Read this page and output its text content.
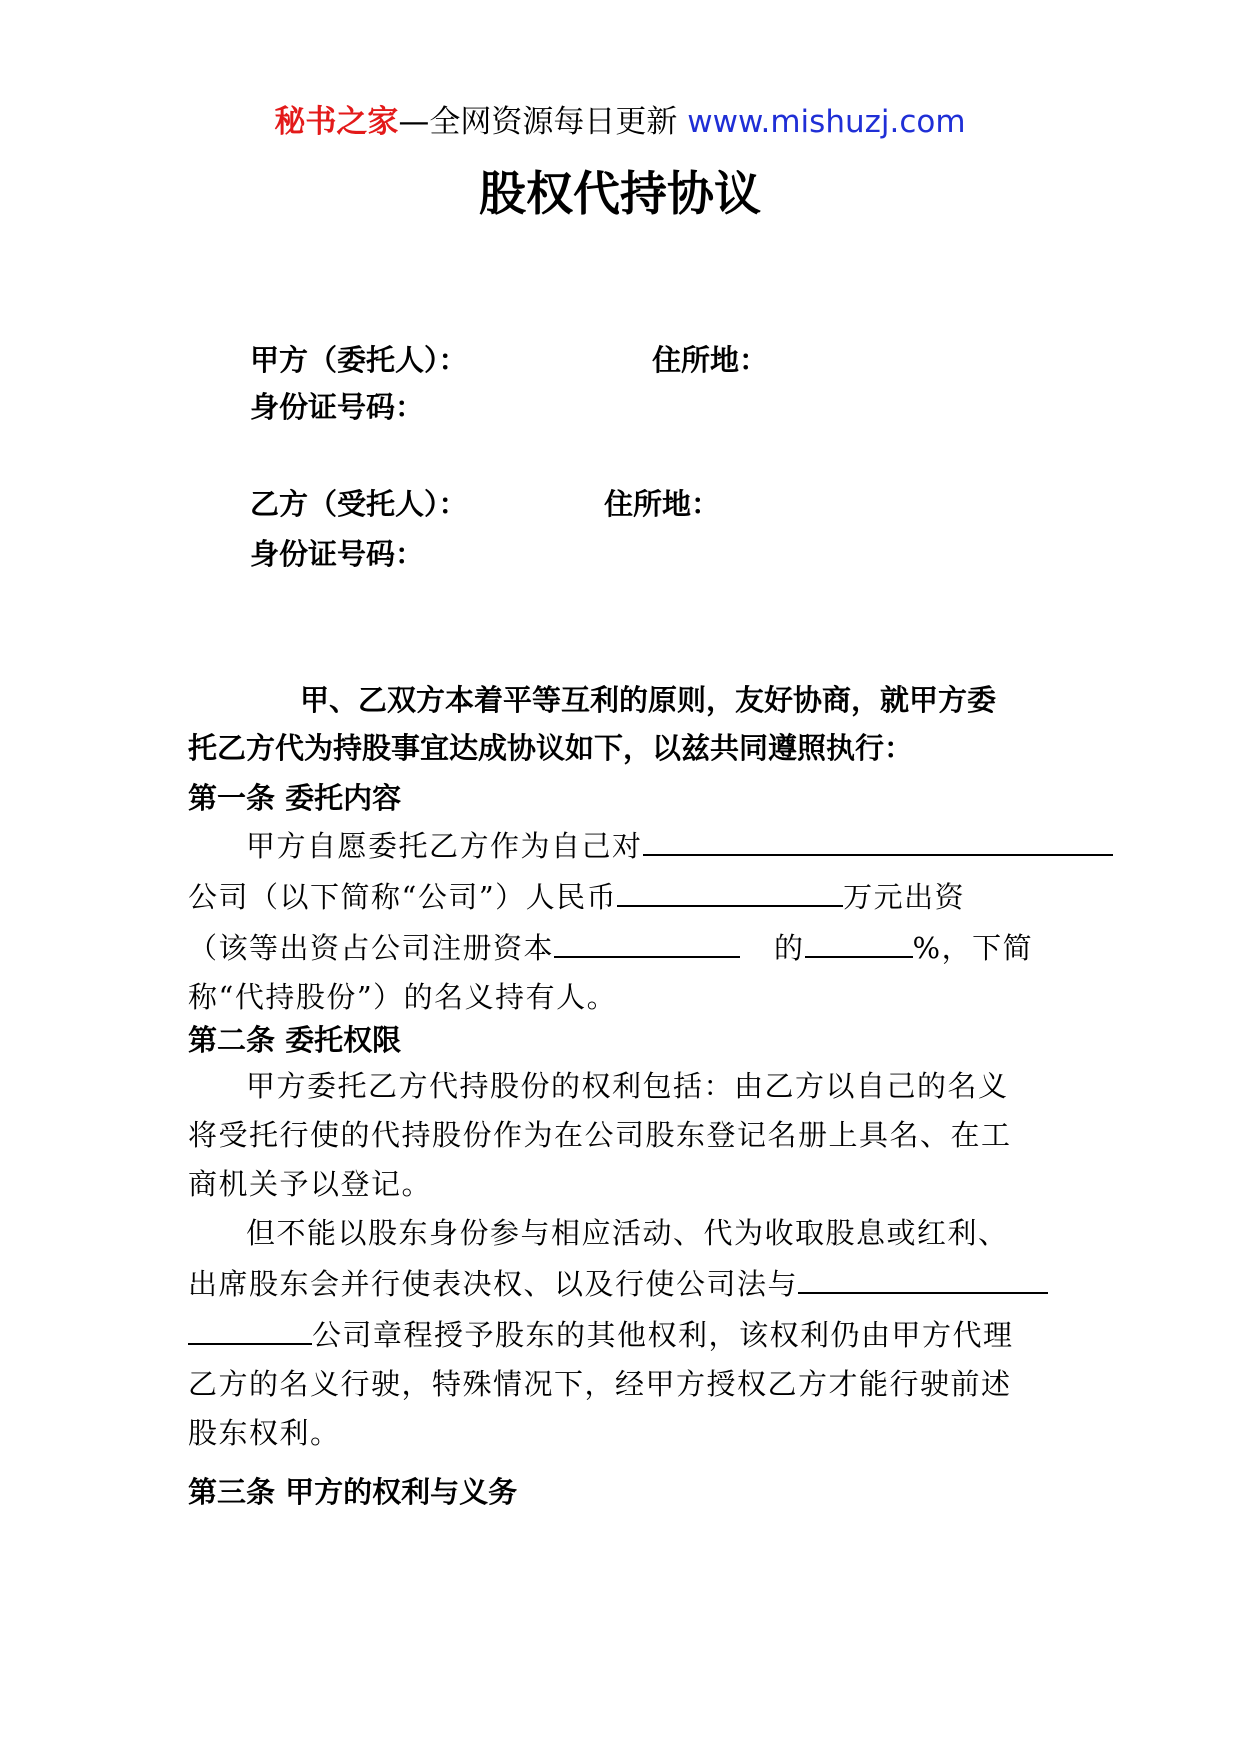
秘书之家—全网资源每日更新 www.mishuzj.com
股权代持协议
甲方（委托人）：	住所地：
身份证号码：
乙方（受托人）：	住所地：
身份证号码：
甲、乙双方本着平等互利的原则，友好协商，就甲方委
托乙方代为持股事宜达成协议如下，以兹共同遵照执行：
第一条 委托内容
甲方自愿委托乙方作为自己对
公司（以下简称“公司”）人民币	万元出资
（该等出资占公司注册资本	的	%，下简
称“代持股份”）的名义持有人。
第二条 委托权限
甲方委托乙方代持股份的权利包括：由乙方以自己的名义
将受托行使的代持股份作为在公司股东登记名册上具名、在工
商机关予以登记。
但不能以股东身份参与相应活动、代为收取股息或红利、
出席股东会并行使表决权、以及行使公司法与
公司章程授予股东的其他权利，该权利仍由甲方代理
乙方的名义行驶，特殊情况下，经甲方授权乙方才能行驶前述
股东权利。
第三条 甲方的权利与义务
